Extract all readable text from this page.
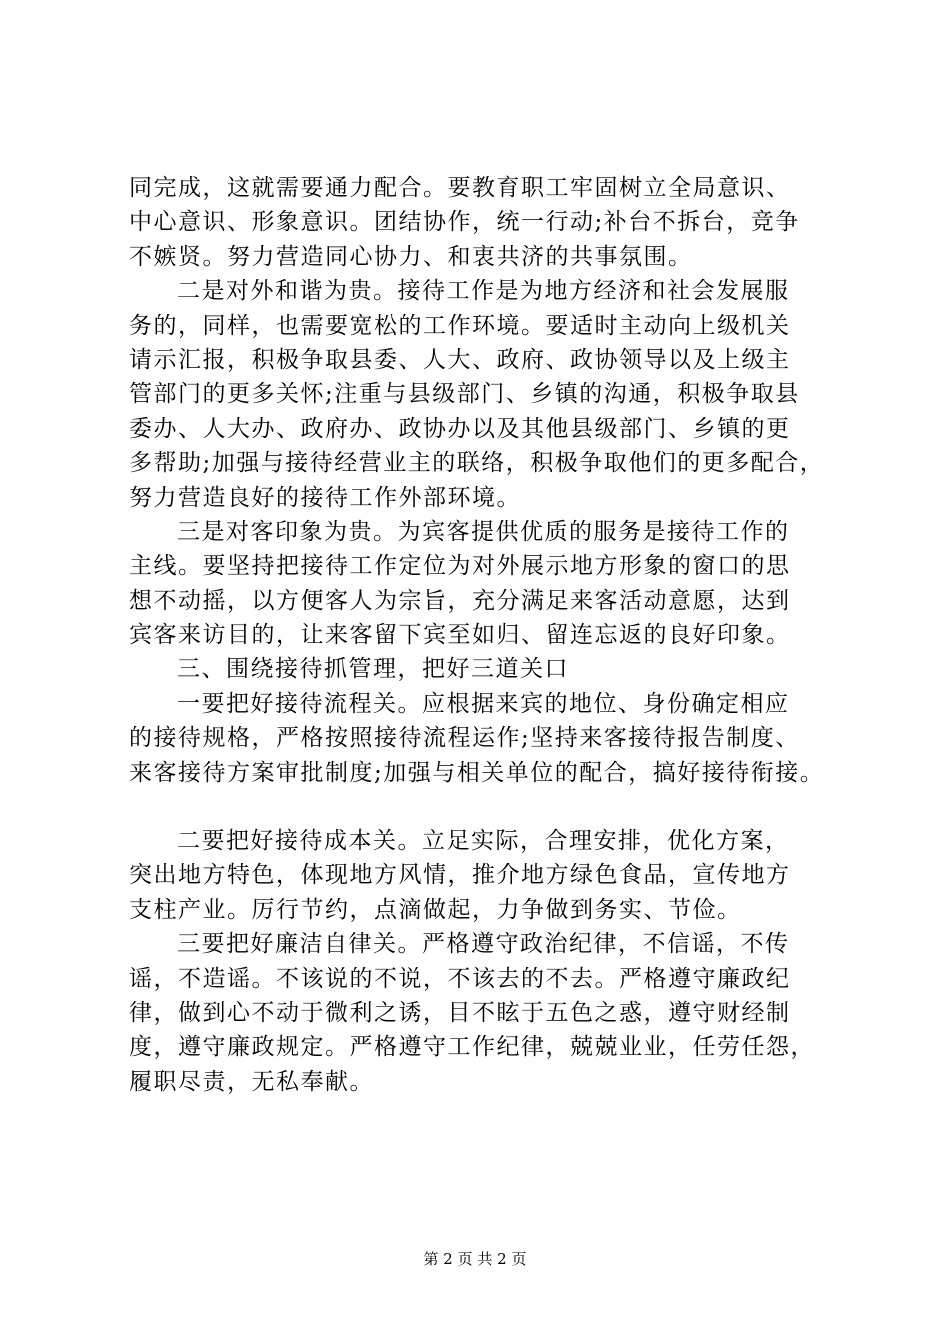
同完成，这就需要通力配合。要教育职工牢固树立全局意识、
中心意识、形象意识。团结协作，统一行动;补台不拆台，竞争
不嫉贤。努力营造同心协力、和衷共济的共事氛围。
二是对外和谐为贵。接待工作是为地方经济和社会发展服
务的，同样，也需要宽松的工作环境。要适时主动向上级机关
请示汇报，积极争取县委、人大、政府、政协领导以及上级主
管部门的更多关怀;注重与县级部门、乡镇的沟通，积极争取县
委办、人大办、政府办、政协办以及其他县级部门、乡镇的更
多帮助;加强与接待经营业主的联络，积极争取他们的更多配合，
努力营造良好的接待工作外部环境。
三是对客印象为贵。为宾客提供优质的服务是接待工作的
主线。要坚持把接待工作定位为对外展示地方形象的窗口的思
想不动摇，以方便客人为宗旨，充分满足来客活动意愿，达到
宾客来访目的，让来客留下宾至如归、留连忘返的良好印象。
三、围绕接待抓管理，把好三道关口
一要把好接待流程关。应根据来宾的地位、身份确定相应
的接待规格，严格按照接待流程运作;坚持来客接待报告制度、
来客接待方案审批制度;加强与相关单位的配合，搞好接待衔接。
二要把好接待成本关。立足实际，合理安排，优化方案，
突出地方特色，体现地方风情，推介地方绿色食品，宣传地方
支柱产业。厉行节约，点滴做起，力争做到务实、节俭。
三要把好廉洁自律关。严格遵守政治纪律，不信谣，不传
谣，不造谣。不该说的不说，不该去的不去。严格遵守廉政纪
律，做到心不动于微利之诱，目不眩于五色之惑，遵守财经制
度，遵守廉政规定。严格遵守工作纪律，兢兢业业，任劳任怨，
履职尽责，无私奉献。
第 2 页 共 2 页
